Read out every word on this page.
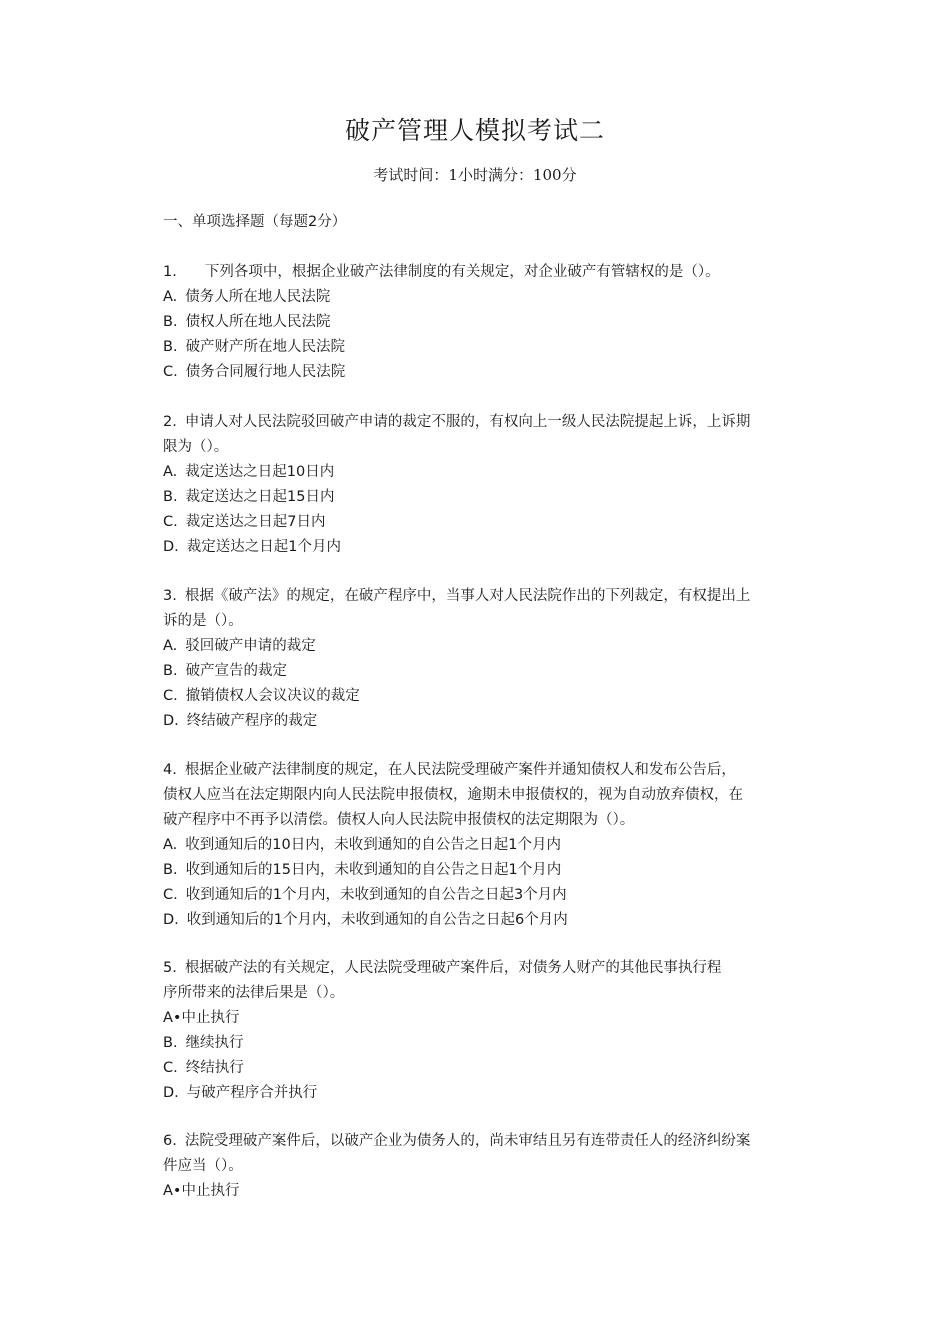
破产管理人模拟考试二
考试时间：1小时满分：100分
一、单项选择题（每题2分）
1. 下列各项中，根据企业破产法律制度的有关规定，对企业破产有管辖权的是（）。
A. 债务人所在地人民法院
B. 债权人所在地人民法院
B. 破产财产所在地人民法院
C. 债务合同履行地人民法院
2. 申请人对人民法院驳回破产申请的裁定不服的，有权向上一级人民法院提起上诉，上诉期
限为（）。
A. 裁定送达之日起10日内
B. 裁定送达之日起15日内
C. 裁定送达之日起7日内
D. 裁定送达之日起1个月内
3. 根据《破产法》的规定，在破产程序中，当事人对人民法院作出的下列裁定，有权提出上
诉的是（）。
A. 驳回破产申请的裁定
B. 破产宣告的裁定
C. 撤销债权人会议决议的裁定
D. 终结破产程序的裁定
4. 根据企业破产法律制度的规定，在人民法院受理破产案件并通知债权人和发布公告后，
债权人应当在法定期限内向人民法院申报债权，逾期未申报债权的，视为自动放弃债权，在
破产程序中不再予以清偿。债权人向人民法院申报债权的法定期限为（）。
A. 收到通知后的10日内，未收到通知的自公告之日起1个月内
B. 收到通知后的15日内，未收到通知的自公告之日起1个月内
C. 收到通知后的1个月内，未收到通知的自公告之日起3个月内
D. 收到通知后的1个月内，未收到通知的自公告之日起6个月内
5. 根据破产法的有关规定，人民法院受理破产案件后，对债务人财产的其他民事执行程
序所带来的法律后果是（）。
A•中止执行
B. 继续执行
C. 终结执行
D. 与破产程序合并执行
6. 法院受理破产案件后，以破产企业为债务人的，尚未审结且另有连带责任人的经济纠纷案
件应当（）。
A•中止执行
